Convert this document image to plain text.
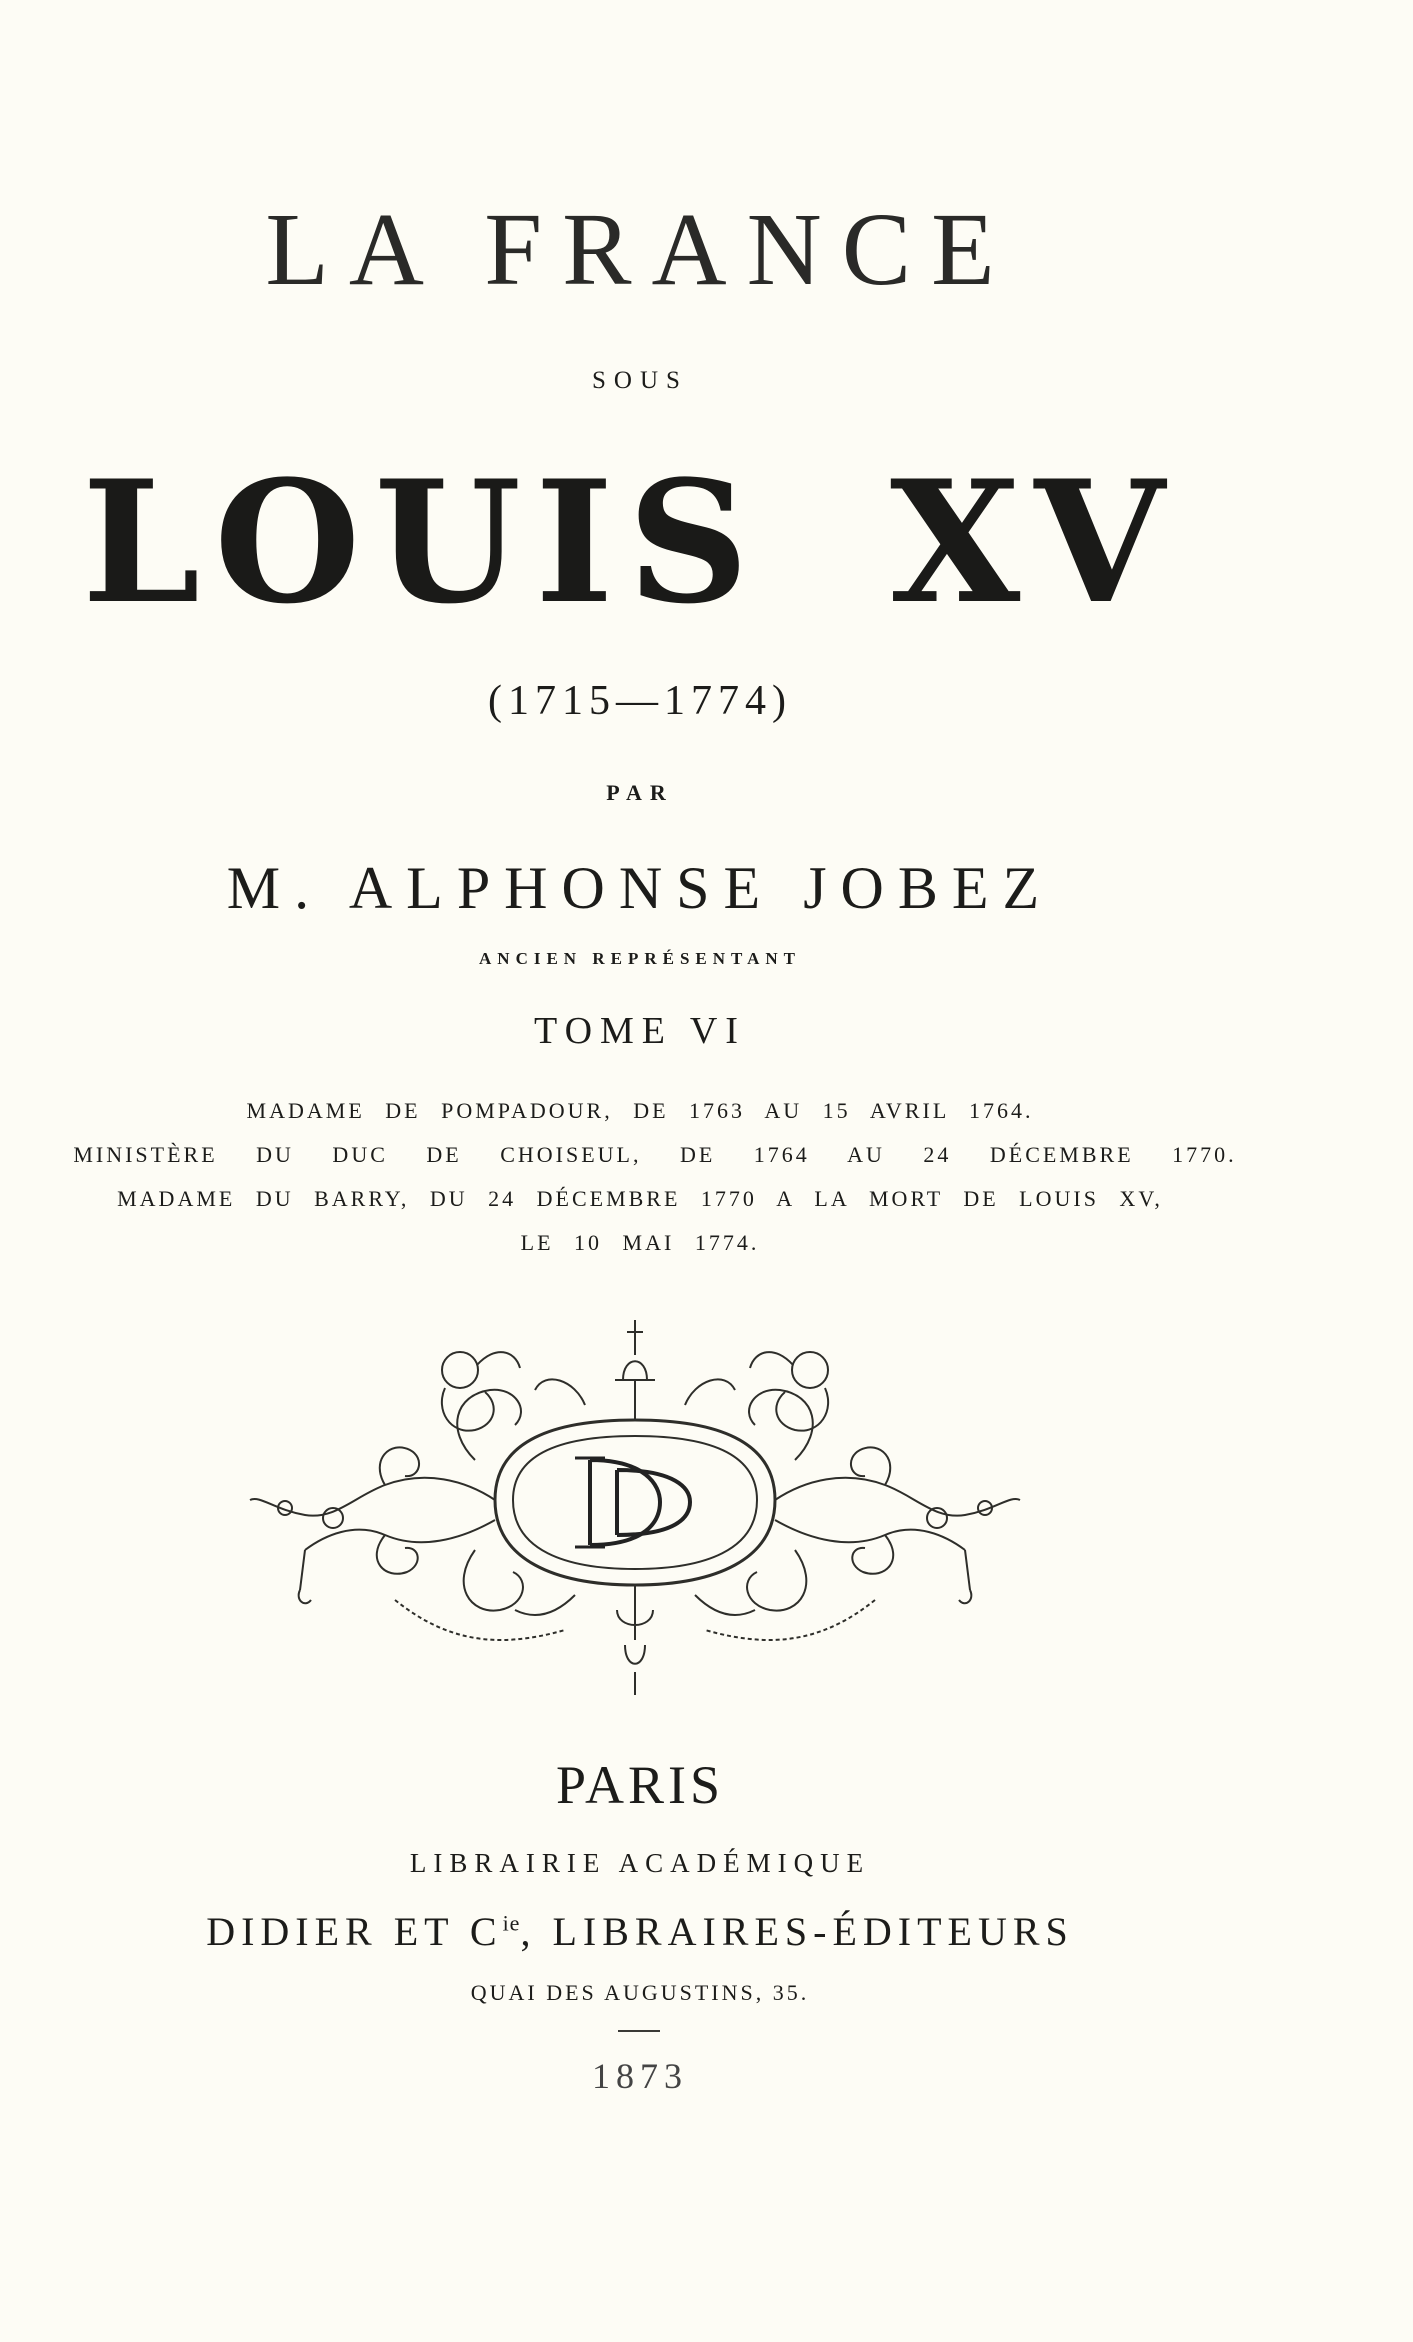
LA FRANCE
SOUS
LOUIS XV
(1715—1774)
PAR
M. ALPHONSE JOBEZ
ANCIEN REPRÉSENTANT
TOME VI
MADAME DE POMPADOUR, DE 1763 AU 15 AVRIL 1764.
MINISTÈRE DU DUC DE CHOISEUL, DE 1764 AU 24 DÉCEMBRE 1770.
MADAME DU BARRY, DU 24 DÉCEMBRE 1770 A LA MORT DE LOUIS XV,
LE 10 MAI 1774.
PARIS
LIBRAIRIE ACADÉMIQUE
DIDIER ET $C^{ie}$, LIBRAIRES-ÉDITEURS
QUAI DES AUGUSTINS, 35.
1873
